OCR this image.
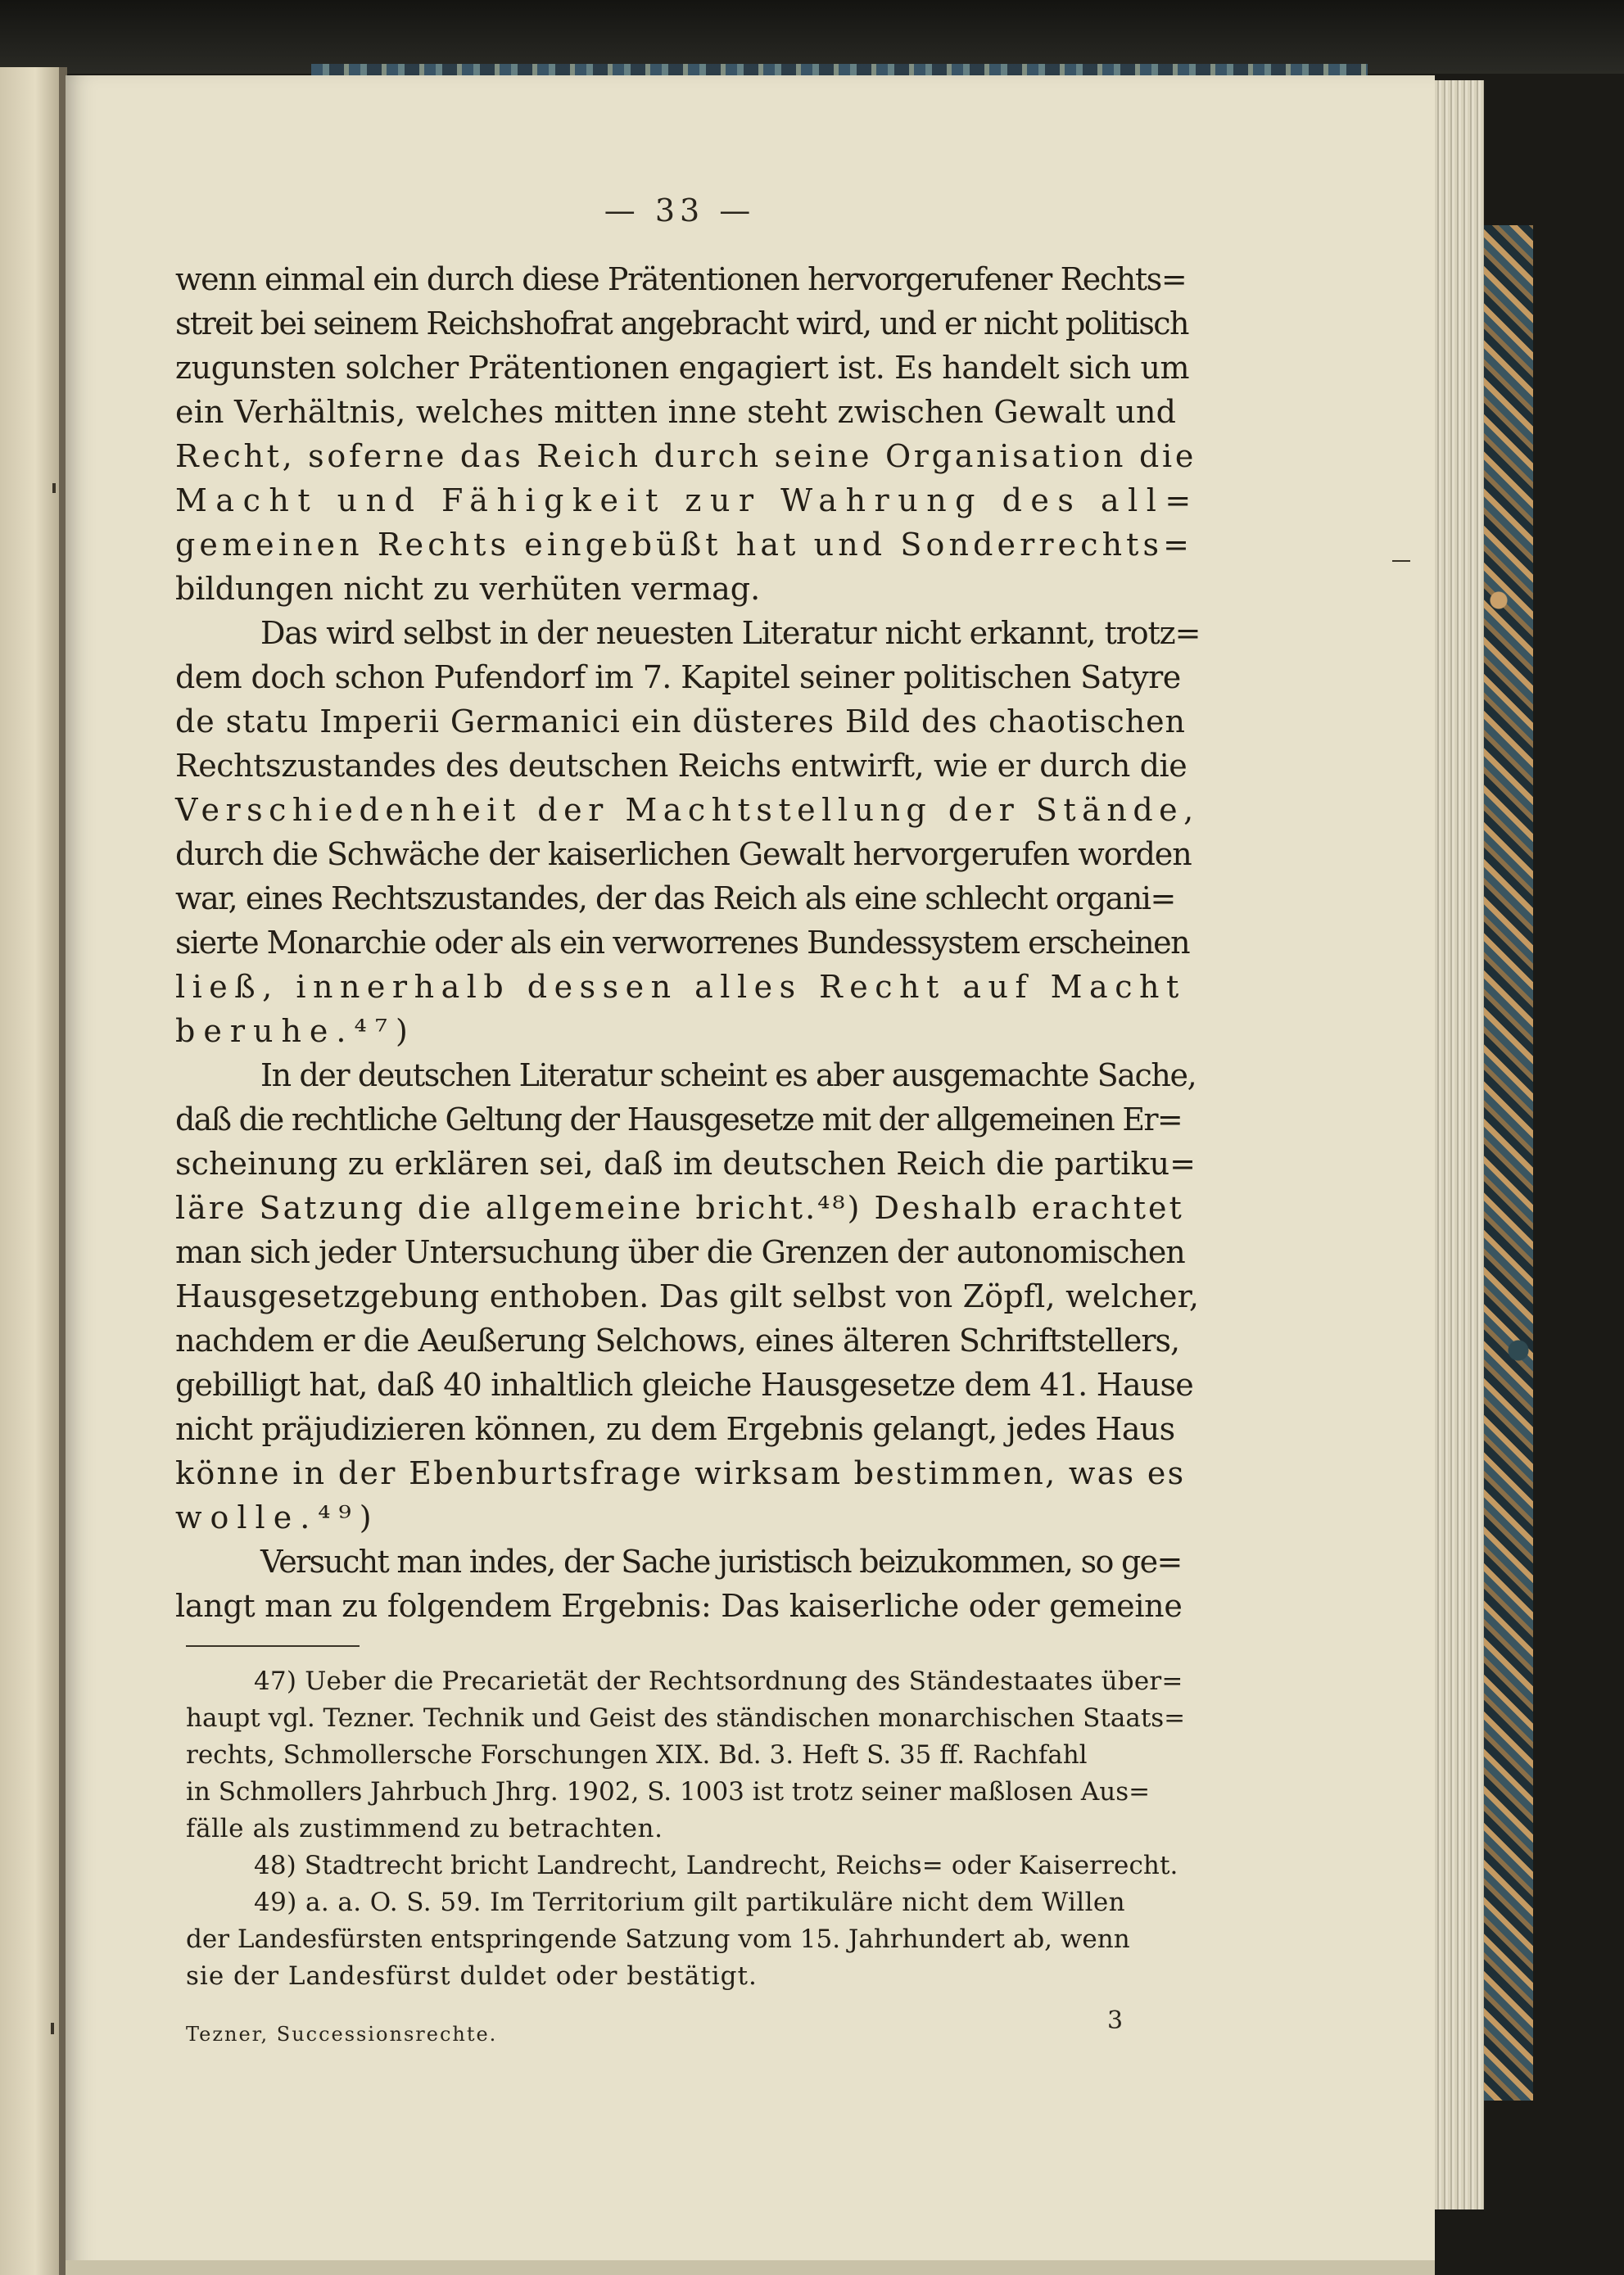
— 33 —
wenn einmal ein durch diese Prätentionen hervorgerufener Rechts=
streit bei seinem Reichshofrat angebracht wird, und er nicht politisch
zugunsten solcher Prätentionen engagiert ist. Es handelt sich um
ein Verhältnis, welches mitten inne steht zwischen Gewalt und
Recht, soferne das Reich durch seine Organisation die
Macht und Fähigkeit zur Wahrung des all=
gemeinen Rechts eingebüßt hat und Sonderrechts=
bildungen nicht zu verhüten vermag.
Das wird selbst in der neuesten Literatur nicht erkannt, trotz=
dem doch schon Pufendorf im 7. Kapitel seiner politischen Satyre
de statu Imperii Germanici ein düsteres Bild des chaotischen
Rechtszustandes des deutschen Reichs entwirft, wie er durch die
Verschiedenheit der Machtstellung der Stände,
durch die Schwäche der kaiserlichen Gewalt hervorgerufen worden
war, eines Rechtszustandes, der das Reich als eine schlecht organi=
sierte Monarchie oder als ein verworrenes Bundessystem erscheinen
ließ, innerhalb dessen alles Recht auf Macht
beruhe.⁴⁷)
In der deutschen Literatur scheint es aber ausgemachte Sache,
daß die rechtliche Geltung der Hausgesetze mit der allgemeinen Er=
scheinung zu erklären sei, daß im deutschen Reich die partiku=
läre Satzung die allgemeine bricht.⁴⁸) Deshalb erachtet
man sich jeder Untersuchung über die Grenzen der autonomischen
Hausgesetzgebung enthoben. Das gilt selbst von Zöpfl, welcher,
nachdem er die Aeußerung Selchows, eines älteren Schriftstellers,
gebilligt hat, daß 40 inhaltlich gleiche Hausgesetze dem 41. Hause
nicht präjudizieren können, zu dem Ergebnis gelangt, jedes Haus
könne in der Ebenburtsfrage wirksam bestimmen, was es
wolle.⁴⁹)
Versucht man indes, der Sache juristisch beizukommen, so ge=
langt man zu folgendem Ergebnis: Das kaiserliche oder gemeine
47) Ueber die Precarietät der Rechtsordnung des Ständestaates über=
haupt vgl. Tezner. Technik und Geist des ständischen monarchischen Staats=
rechts, Schmollersche Forschungen XIX. Bd. 3. Heft S. 35 ff. Rachfahl
in Schmollers Jahrbuch Jhrg. 1902, S. 1003 ist trotz seiner maßlosen Aus=
fälle als zustimmend zu betrachten.
48) Stadtrecht bricht Landrecht, Landrecht, Reichs= oder Kaiserrecht.
49) a. a. O. S. 59. Im Territorium gilt partikuläre nicht dem Willen
der Landesfürsten entspringende Satzung vom 15. Jahrhundert ab, wenn
sie der Landesfürst duldet oder bestätigt.
Tezner, Successionsrechte.	3
